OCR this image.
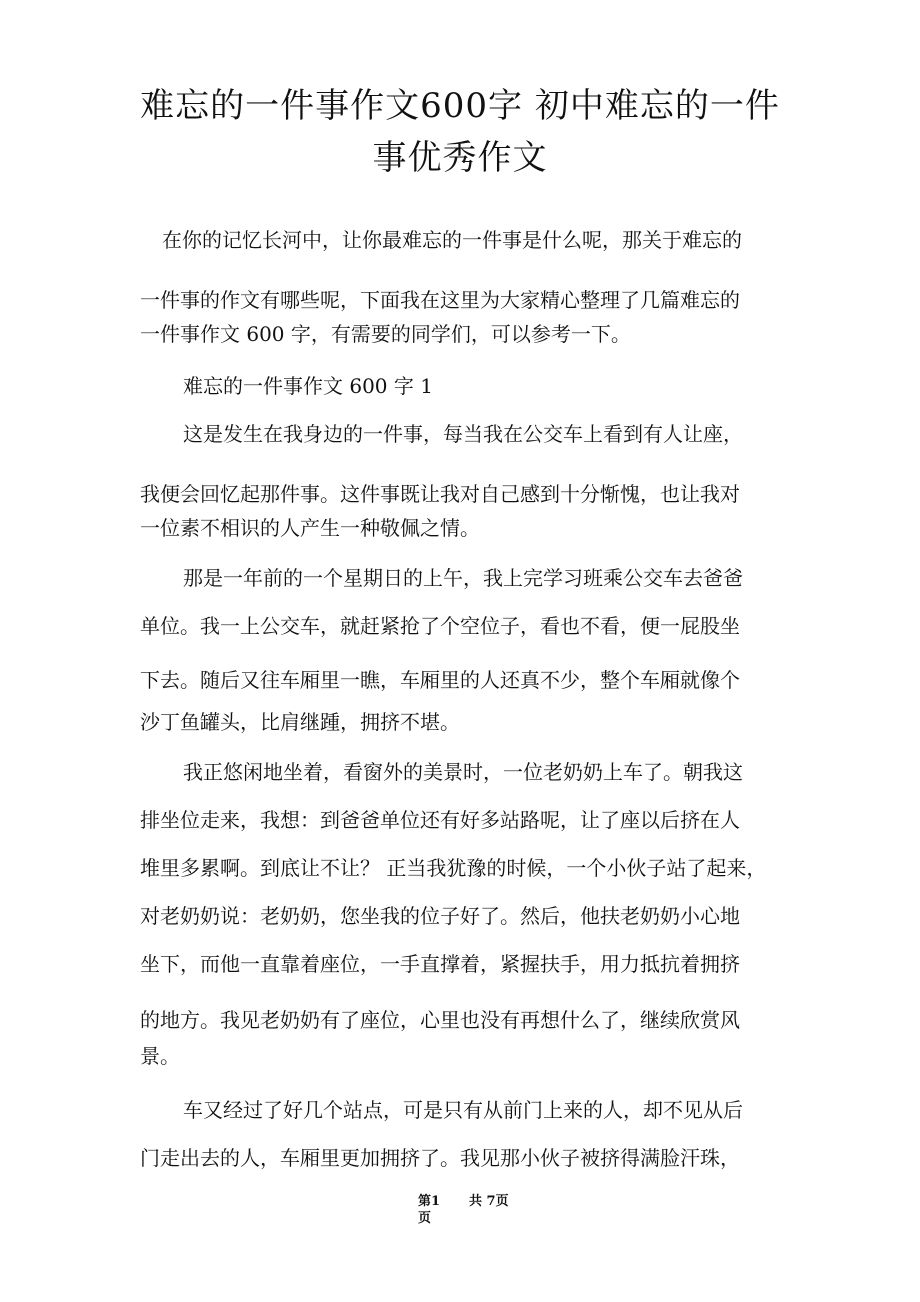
难忘的一件事作文600字 初中难忘的一件
事优秀作文
在你的记忆长河中，让你最难忘的一件事是什么呢，那关于难忘的
一件事的作文有哪些呢，下面我在这里为大家精心整理了几篇难忘的
一件事作文 600 字，有需要的同学们，可以参考一下。
难忘的一件事作文 600 字 1
这是发生在我身边的一件事，每当我在公交车上看到有人让座，
我便会回忆起那件事。这件事既让我对自己感到十分惭愧，也让我对
一位素不相识的人产生一种敬佩之情。
那是一年前的一个星期日的上午，我上完学习班乘公交车去爸爸
单位。我一上公交车，就赶紧抢了个空位子，看也不看，便一屁股坐
下去。随后又往车厢里一瞧，车厢里的人还真不少，整个车厢就像个
沙丁鱼罐头，比肩继踵，拥挤不堪。
我正悠闲地坐着，看窗外的美景时，一位老奶奶上车了。朝我这
排坐位走来，我想：到爸爸单位还有好多站路呢，让了座以后挤在人
堆里多累啊。到底让不让？ 正当我犹豫的时候，一个小伙子站了起来，
对老奶奶说：老奶奶，您坐我的位子好了。然后，他扶老奶奶小心地
坐下，而他一直靠着座位，一手直撑着，紧握扶手，用力抵抗着拥挤
的地方。我见老奶奶有了座位，心里也没有再想什么了，继续欣赏风
景。
车又经过了好几个站点，可是只有从前门上来的人，却不见从后
门走出去的人，车厢里更加拥挤了。我见那小伙子被挤得满脸汗珠，
第1
页
共 7页
